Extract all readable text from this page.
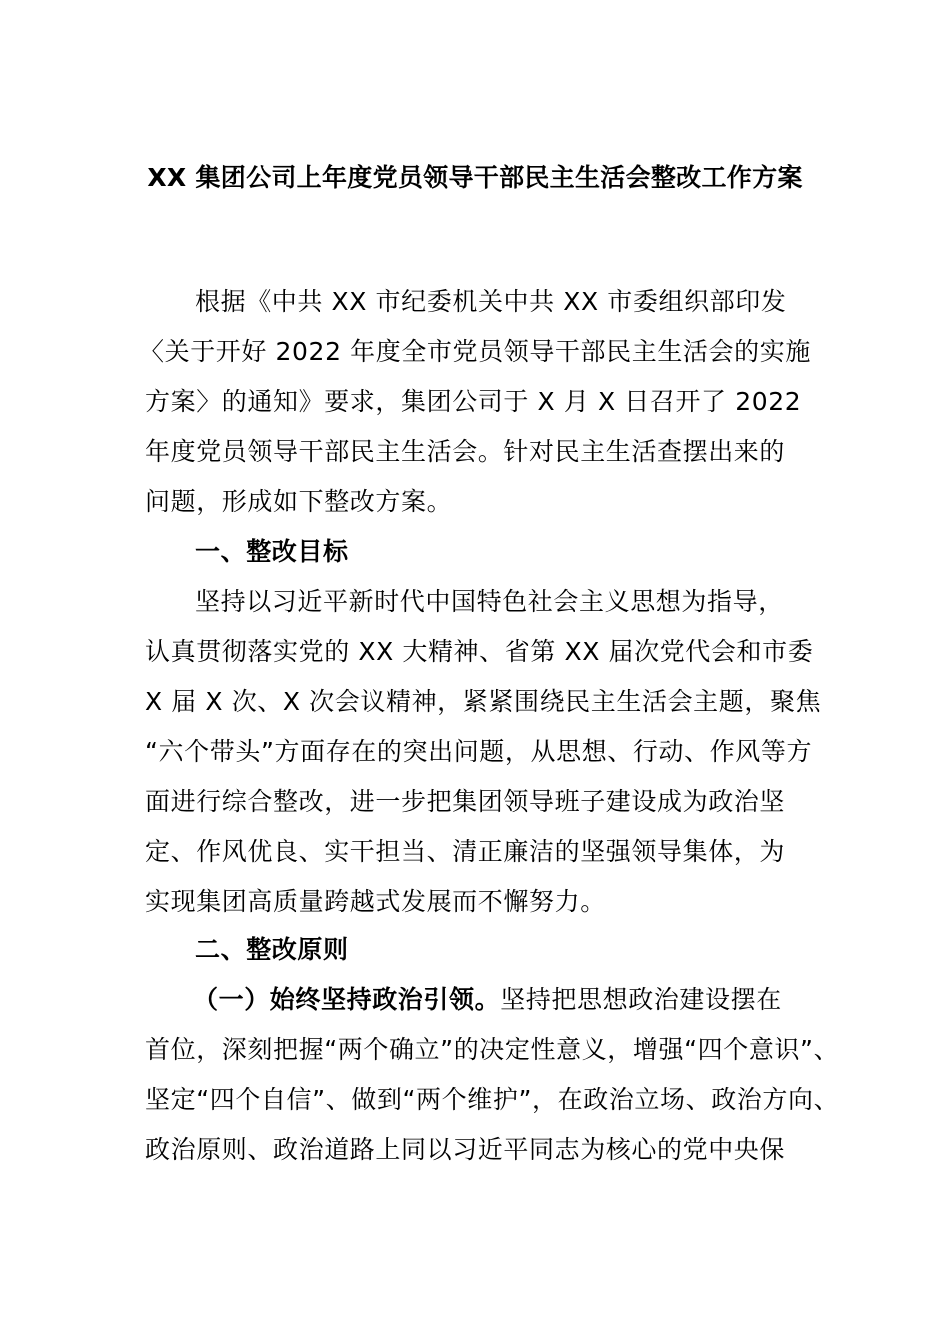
XX 集团公司上年度党员领导干部民主生活会整改工作方案
根据《中共 XX 市纪委机关中共 XX 市委组织部印发
〈关于开好 2022 年度全市党员领导干部民主生活会的实施
方案〉的通知》要求，集团公司于 X 月 X 日召开了 2022
年度党员领导干部民主生活会。针对民主生活查摆出来的
问题，形成如下整改方案。
一、整改目标
坚持以习近平新时代中国特色社会主义思想为指导，
认真贯彻落实党的 XX 大精神、省第 XX 届次党代会和市委
X 届 X 次、X 次会议精神，紧紧围绕民主生活会主题，聚焦
“六个带头”方面存在的突出问题，从思想、行动、作风等方
面进行综合整改，进一步把集团领导班子建设成为政治坚
定、作风优良、实干担当、清正廉洁的坚强领导集体，为
实现集团高质量跨越式发展而不懈努力。
二、整改原则
（一）始终坚持政治引领。坚持把思想政治建设摆在
首位，深刻把握“两个确立”的决定性意义，增强“四个意识”、
坚定“四个自信”、做到“两个维护”，在政治立场、政治方向、
政治原则、政治道路上同以习近平同志为核心的党中央保
